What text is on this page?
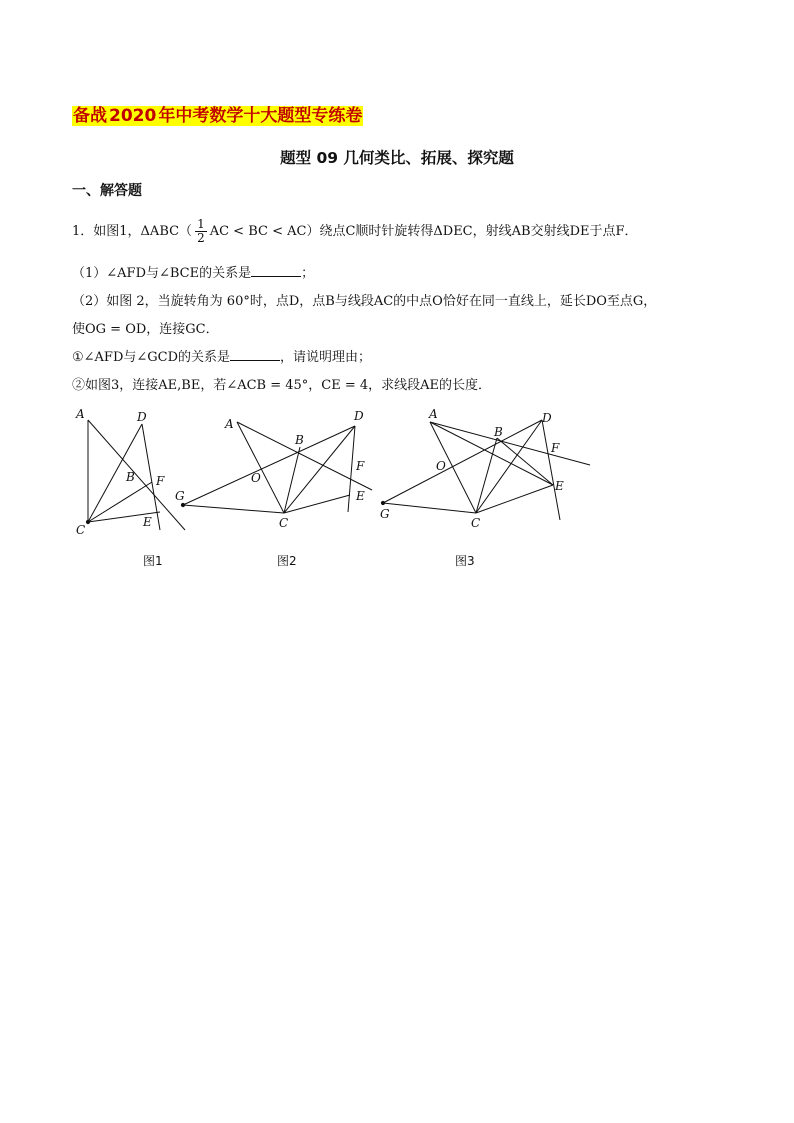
备战 2020 年中考数学十大题型专练卷
题型 09 几何类比、拓展、探究题
一、解答题
1．如图1，$\Delta ABC( \frac{1}{2}$ AC < BC < AC）绕点C顺时针旋转得ΔDEC，射线AB交射线DE于点F．
（1）∠AFD与∠BCE的关系是	；
（2）如图 2，当旋转角为 60°时，点D，点B与线段AC的中点O恰好在同一直线上，延长DO至点G，
使OG = OD，连接GC．
①∠AFD与∠GCD的关系是	，请说明理由；
②如图3，连接AE,BE，若∠ACB = 45°，CE = 4，求线段AE的长度．
A	D
B F
C
E
图1
A
D
B
F
O
G	E
C
图2
A	D
B
F
O
E
G
C
图3
